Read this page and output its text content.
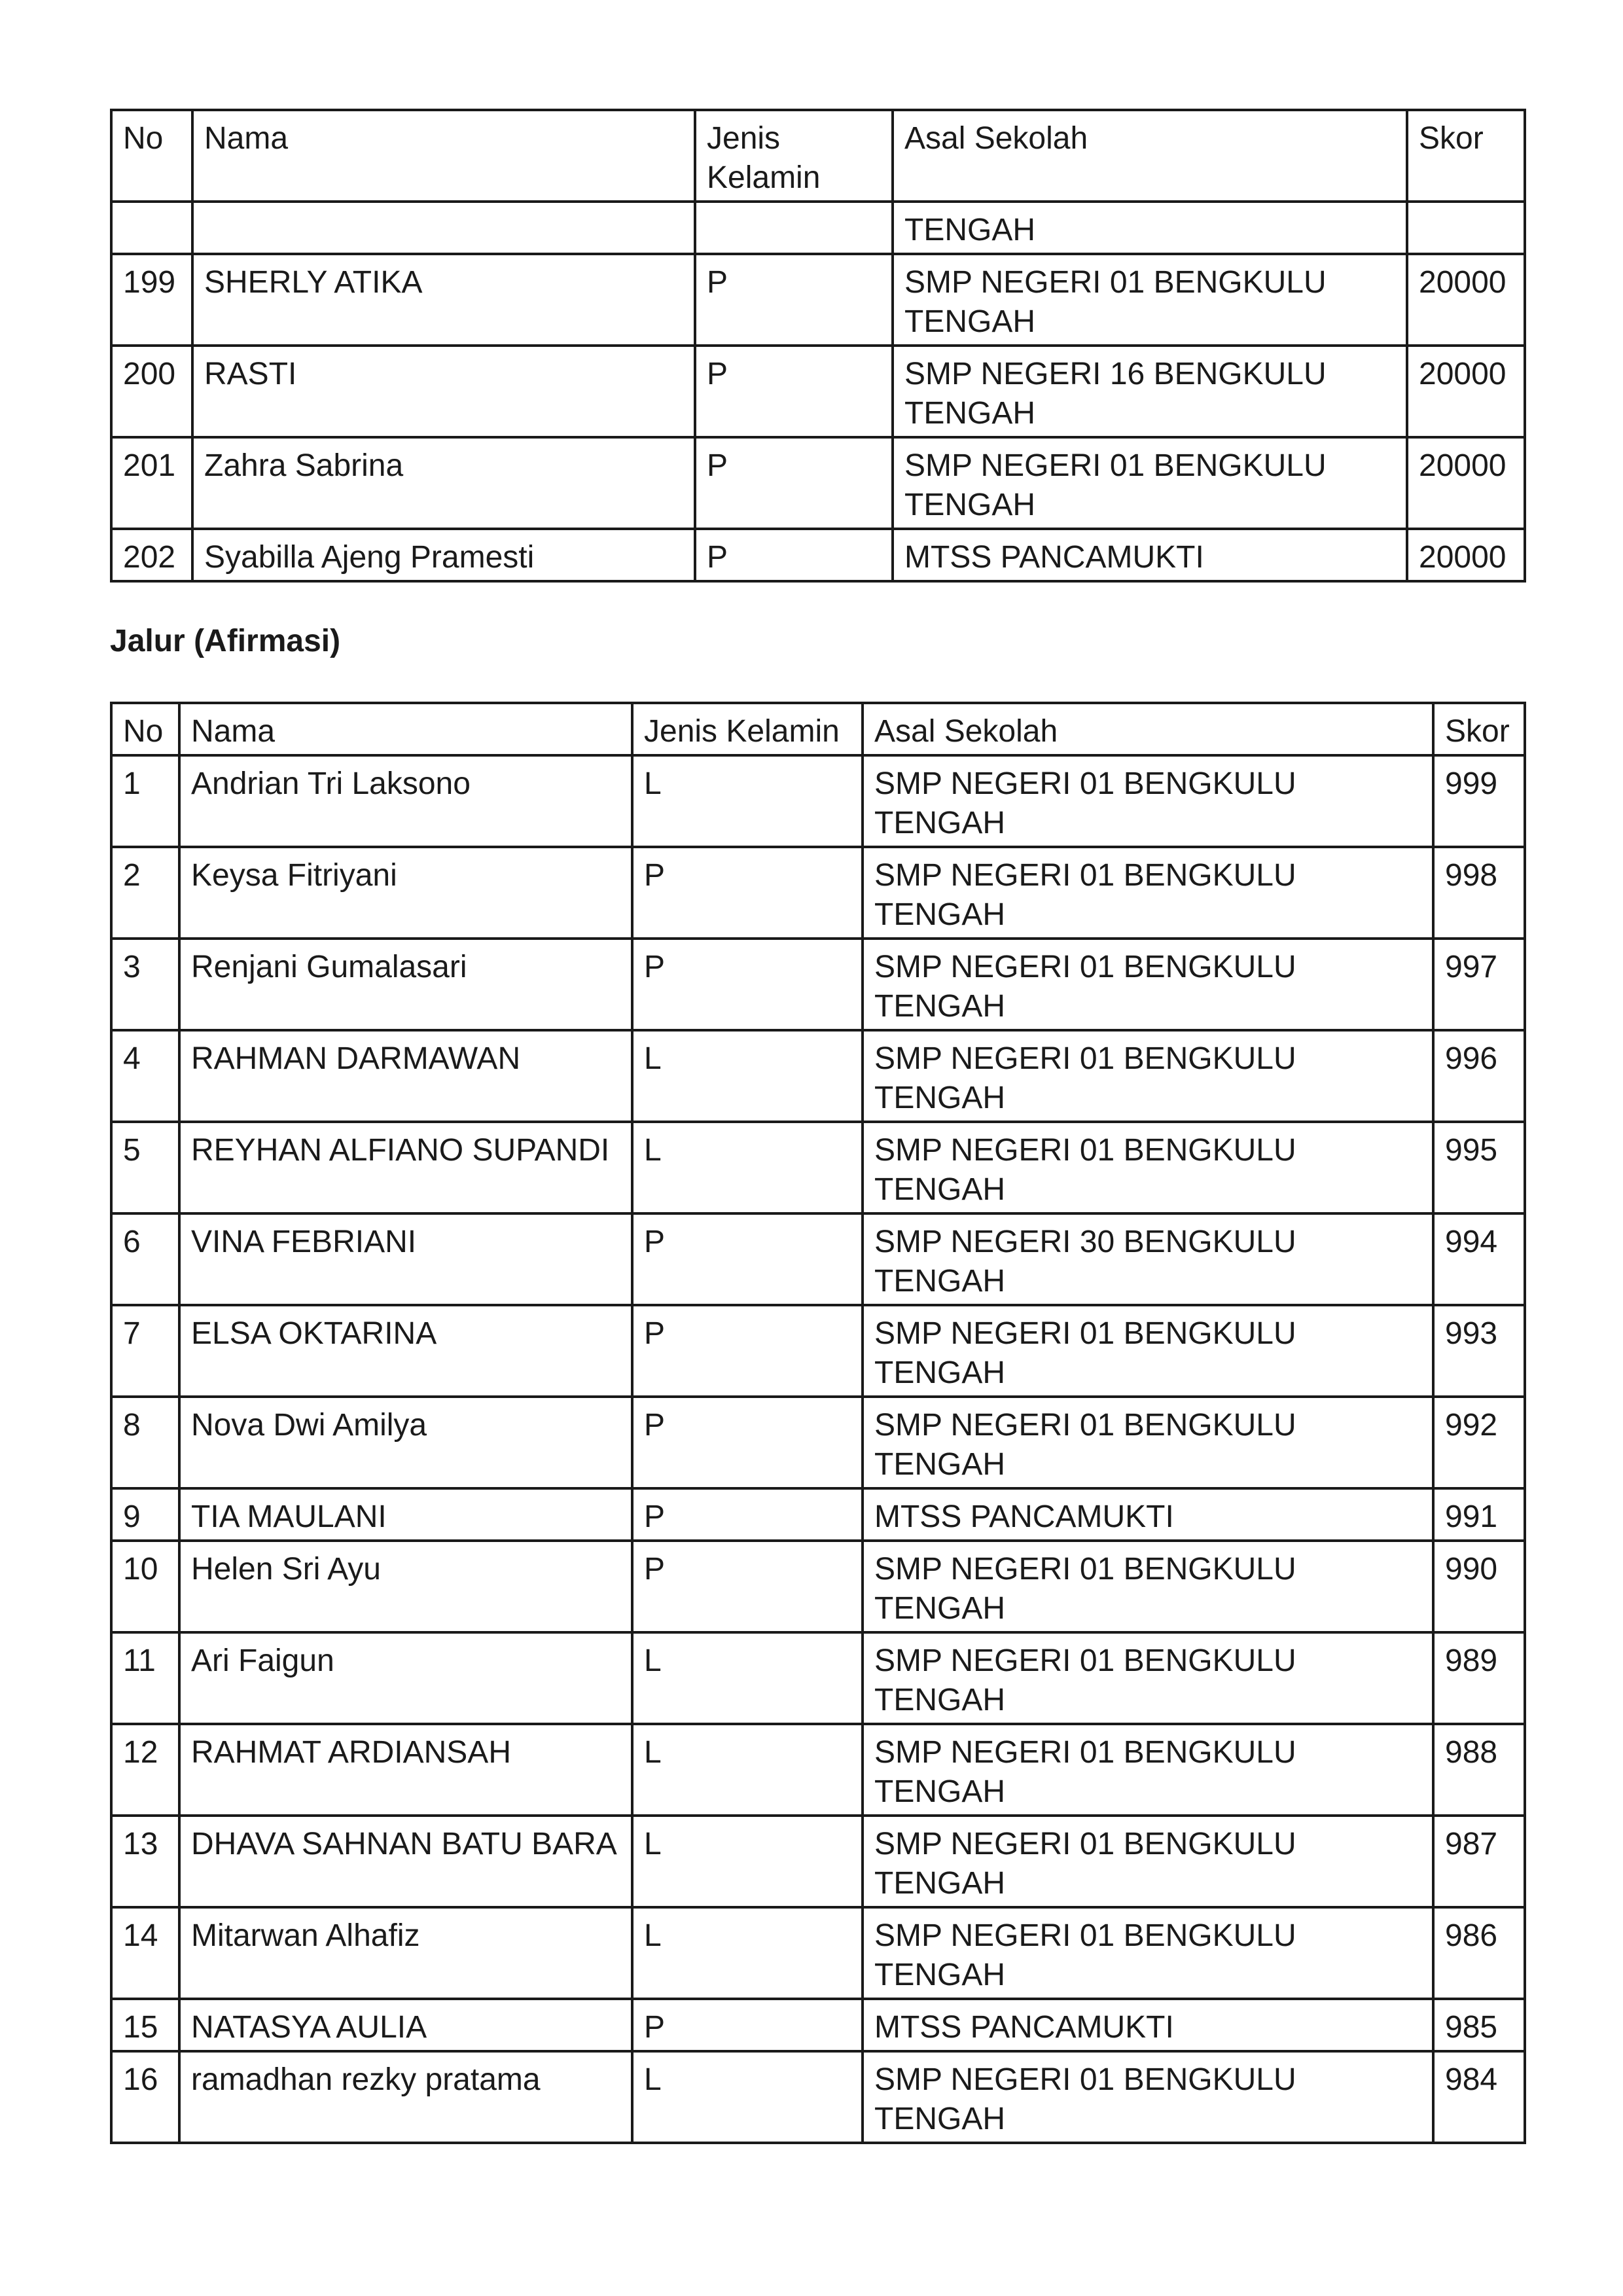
No	Nama	Jenis Kelamin	Asal Sekolah	Skor
			TENGAH	
199	SHERLY ATIKA	P	SMP NEGERI 01 BENGKULU TENGAH	20000
200	RASTI	P	SMP NEGERI 16 BENGKULU TENGAH	20000
201	Zahra Sabrina	P	SMP NEGERI 01 BENGKULU TENGAH	20000
202	Syabilla Ajeng Pramesti	P	MTSS PANCAMUKTI	20000

Jalur (Afirmasi)

No	Nama	Jenis Kelamin	Asal Sekolah	Skor
1	Andrian Tri Laksono	L	SMP NEGERI 01 BENGKULU TENGAH	999
2	Keysa Fitriyani	P	SMP NEGERI 01 BENGKULU TENGAH	998
3	Renjani Gumalasari	P	SMP NEGERI 01 BENGKULU TENGAH	997
4	RAHMAN DARMAWAN	L	SMP NEGERI 01 BENGKULU TENGAH	996
5	REYHAN ALFIANO SUPANDI	L	SMP NEGERI 01 BENGKULU TENGAH	995
6	VINA FEBRIANI	P	SMP NEGERI 30 BENGKULU TENGAH	994
7	ELSA OKTARINA	P	SMP NEGERI 01 BENGKULU TENGAH	993
8	Nova Dwi Amilya	P	SMP NEGERI 01 BENGKULU TENGAH	992
9	TIA MAULANI	P	MTSS PANCAMUKTI	991
10	Helen Sri Ayu	P	SMP NEGERI 01 BENGKULU TENGAH	990
11	Ari Faigun	L	SMP NEGERI 01 BENGKULU TENGAH	989
12	RAHMAT ARDIANSAH	L	SMP NEGERI 01 BENGKULU TENGAH	988
13	DHAVA SAHNAN BATU BARA	L	SMP NEGERI 01 BENGKULU TENGAH	987
14	Mitarwan Alhafiz	L	SMP NEGERI 01 BENGKULU TENGAH	986
15	NATASYA AULIA	P	MTSS PANCAMUKTI	985
16	ramadhan rezky pratama	L	SMP NEGERI 01 BENGKULU TENGAH	984
